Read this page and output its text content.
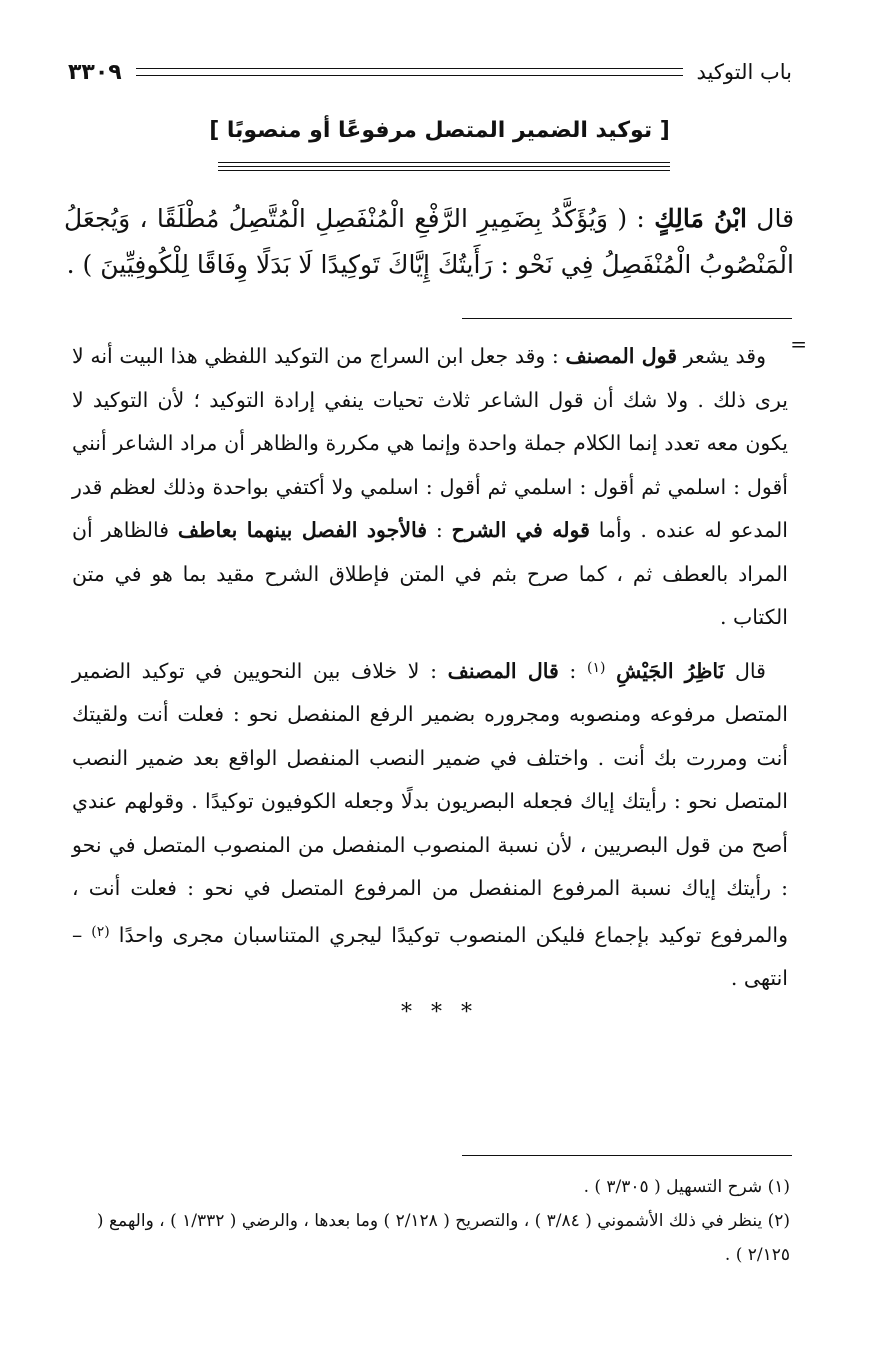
باب التوكيد
٣٣٠٩
[ توكيد الضمير المتصل مرفوعًا أو منصوبًا ]
قال ابْنُ مَالِكٍ : ( وَيُؤَكَّدُ بِضَمِيرِ الرَّفْعِ الْمُنْفَصِلِ الْمُتَّصِلُ مُطْلَقًا ، وَيُجعَلُ الْمَنْصُوبُ الْمُنْفَصِلُ فِي نَحْو : رَأَيتُكَ إِيَّاكَ تَوكِيدًا لَا بَدَلًا وِفَاقًا لِلْكُوفِيِّينَ ) .
=

وقد يشعر قول المصنف : وقد جعل ابن السراج من التوكيد اللفظي هذا البيت أنه لا يرى ذلك . ولا شك أن قول الشاعر ثلاث تحيات ينفي إرادة التوكيد ؛ لأن التوكيد لا يكون معه تعدد إنما الكلام جملة واحدة وإنما هي مكررة والظاهر أن مراد الشاعر أنني أقول : اسلمي ثم أقول : اسلمي ثم أقول : اسلمي ولا أكتفي بواحدة وذلك لعظم قدر المدعو له عنده . وأما قوله في الشرح : فالأجود الفصل بينهما بعاطف فالظاهر أن المراد بالعطف ثم ، كما صرح بثم في المتن فإطلاق الشرح مقيد بما هو في متن الكتاب .

قال نَاظِرُ الجَيْشِ $^{(١)}$ : قال المصنف : لا خلاف بين النحويين في توكيد الضمير المتصل مرفوعه ومنصوبه ومجروره بضمير الرفع المنفصل نحو : فعلت أنت ولقيتك أنت ومررت بك أنت . واختلف في ضمير النصب المنفصل الواقع بعد ضمير النصب المتصل نحو : رأيتك إياك فجعله البصريون بدلًا وجعله الكوفيون توكيدًا . وقولهم عندي أصح من قول البصريين ، لأن نسبة المنصوب المنفصل من المنصوب المتصل في نحو : رأيتك إياك نسبة المرفوع المنفصل من المرفوع المتصل في نحو : فعلت أنت ، والمرفوع توكيد بإجماع فليكن المنصوب توكيدًا ليجري المتناسبان مجرى واحدًا $^{(٢)}$ – انتهى .

* * *

(١) شرح التسهيل ( ٣/٣٠٥ ) .

(٢) ينظر في ذلك الأشموني ( ٣/٨٤ ) ، والتصريح ( ٢/١٢٨ ) وما بعدها ، والرضي ( ١/٣٣٢ ) ، والهمع ( ٢/١٢٥ ) .
